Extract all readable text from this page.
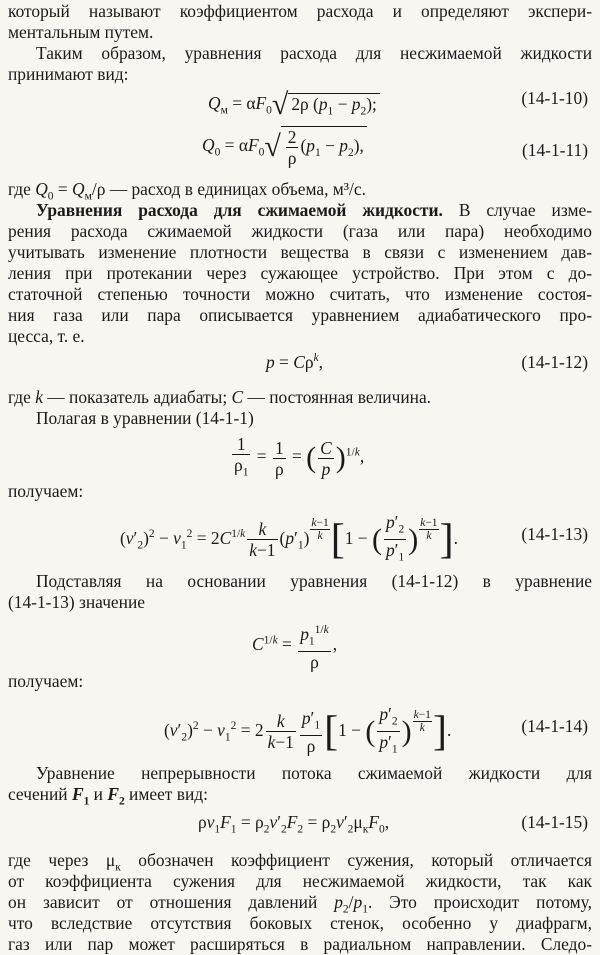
который называют коэффициентом расхода и определяют экспери-
ментальным путем.
Таким образом, уравнения расхода для несжимаемой жидкости
принимают вид:
$Q_м = \alpha F_0√$ 2ρ $(p_1 - p_2)$;	(14-1-10)
$Q_0 = \alpha F_0√ \frac{2}{\rho} (p_1 - p_2)$,	(14-1-11)
где $Q_0 = Q_м/\rho$ — расход в единицах объема, м³/с.
Уравнения расхода для сжимаемой жидкости. В случае изме-
рения расхода сжимаемой жидкости (газа или пара) необходимо
учитывать изменение плотности вещества в связи с изменением дав-
ления при протекании через сужающее устройство. При этом с до-
статочной степенью точности можно считать, что изменение состоя-
ния газа или пара описывается уравнением адиабатического про-
цесса, т. е.
$p = C\rho^k$,	(14-1-12)
где k — показатель адиабаты; C — постоянная величина.
Полагая в уравнении (14-1-1)
$\frac{1}{\rho_1} = \frac{1}{\rho}$ = ( $\frac{C}{p} )^{1/k}$,
получаем:
$(v'_2)^2 - v_1^2 = 2C^{1/k} \frac{k}{k-1} (p'_1) \frac{k-1}{k} [1$ − ( $\frac{p'_2}{p'_1}$ ) $\frac{k-1}{k}$ ].	(14-1-13)
Подставляя на основании уравнения (14-1-12) в уравнение
(14-1-13) значение
$C^{1/k} = \frac{p_1^{1/k}}{\rho}$ ,
получаем:
$(v'_2)^2 - v_1^2 = 2 \frac{k}{k-1} \frac{p'_1}{\rho} [1$ − ( $\frac{p'_2}{p'_1}$ ) $\frac{k-1}{k}$ ].	(14-1-14)
Уравнение непрерывности потока сжимаемой жидкости для
сечений $F_1$ и $F_2$ имеет вид:
$\rho v_1F_1 = \rho_2v'_2F_2 = \rho_2v'_2\mu_кF_0$,	(14-1-15)
где через $\mu_к$ обозначен коэффициент сужения, который отличается
от коэффициента сужения для несжимаемой жидкости, так как
он зависит от отношения давлений $p_2/p_1$. Это происходит потому,
что вследствие отсутствия боковых стенок, особенно у диафрагм,
газ или пар может расширяться в радиальном направлении. Следо-
